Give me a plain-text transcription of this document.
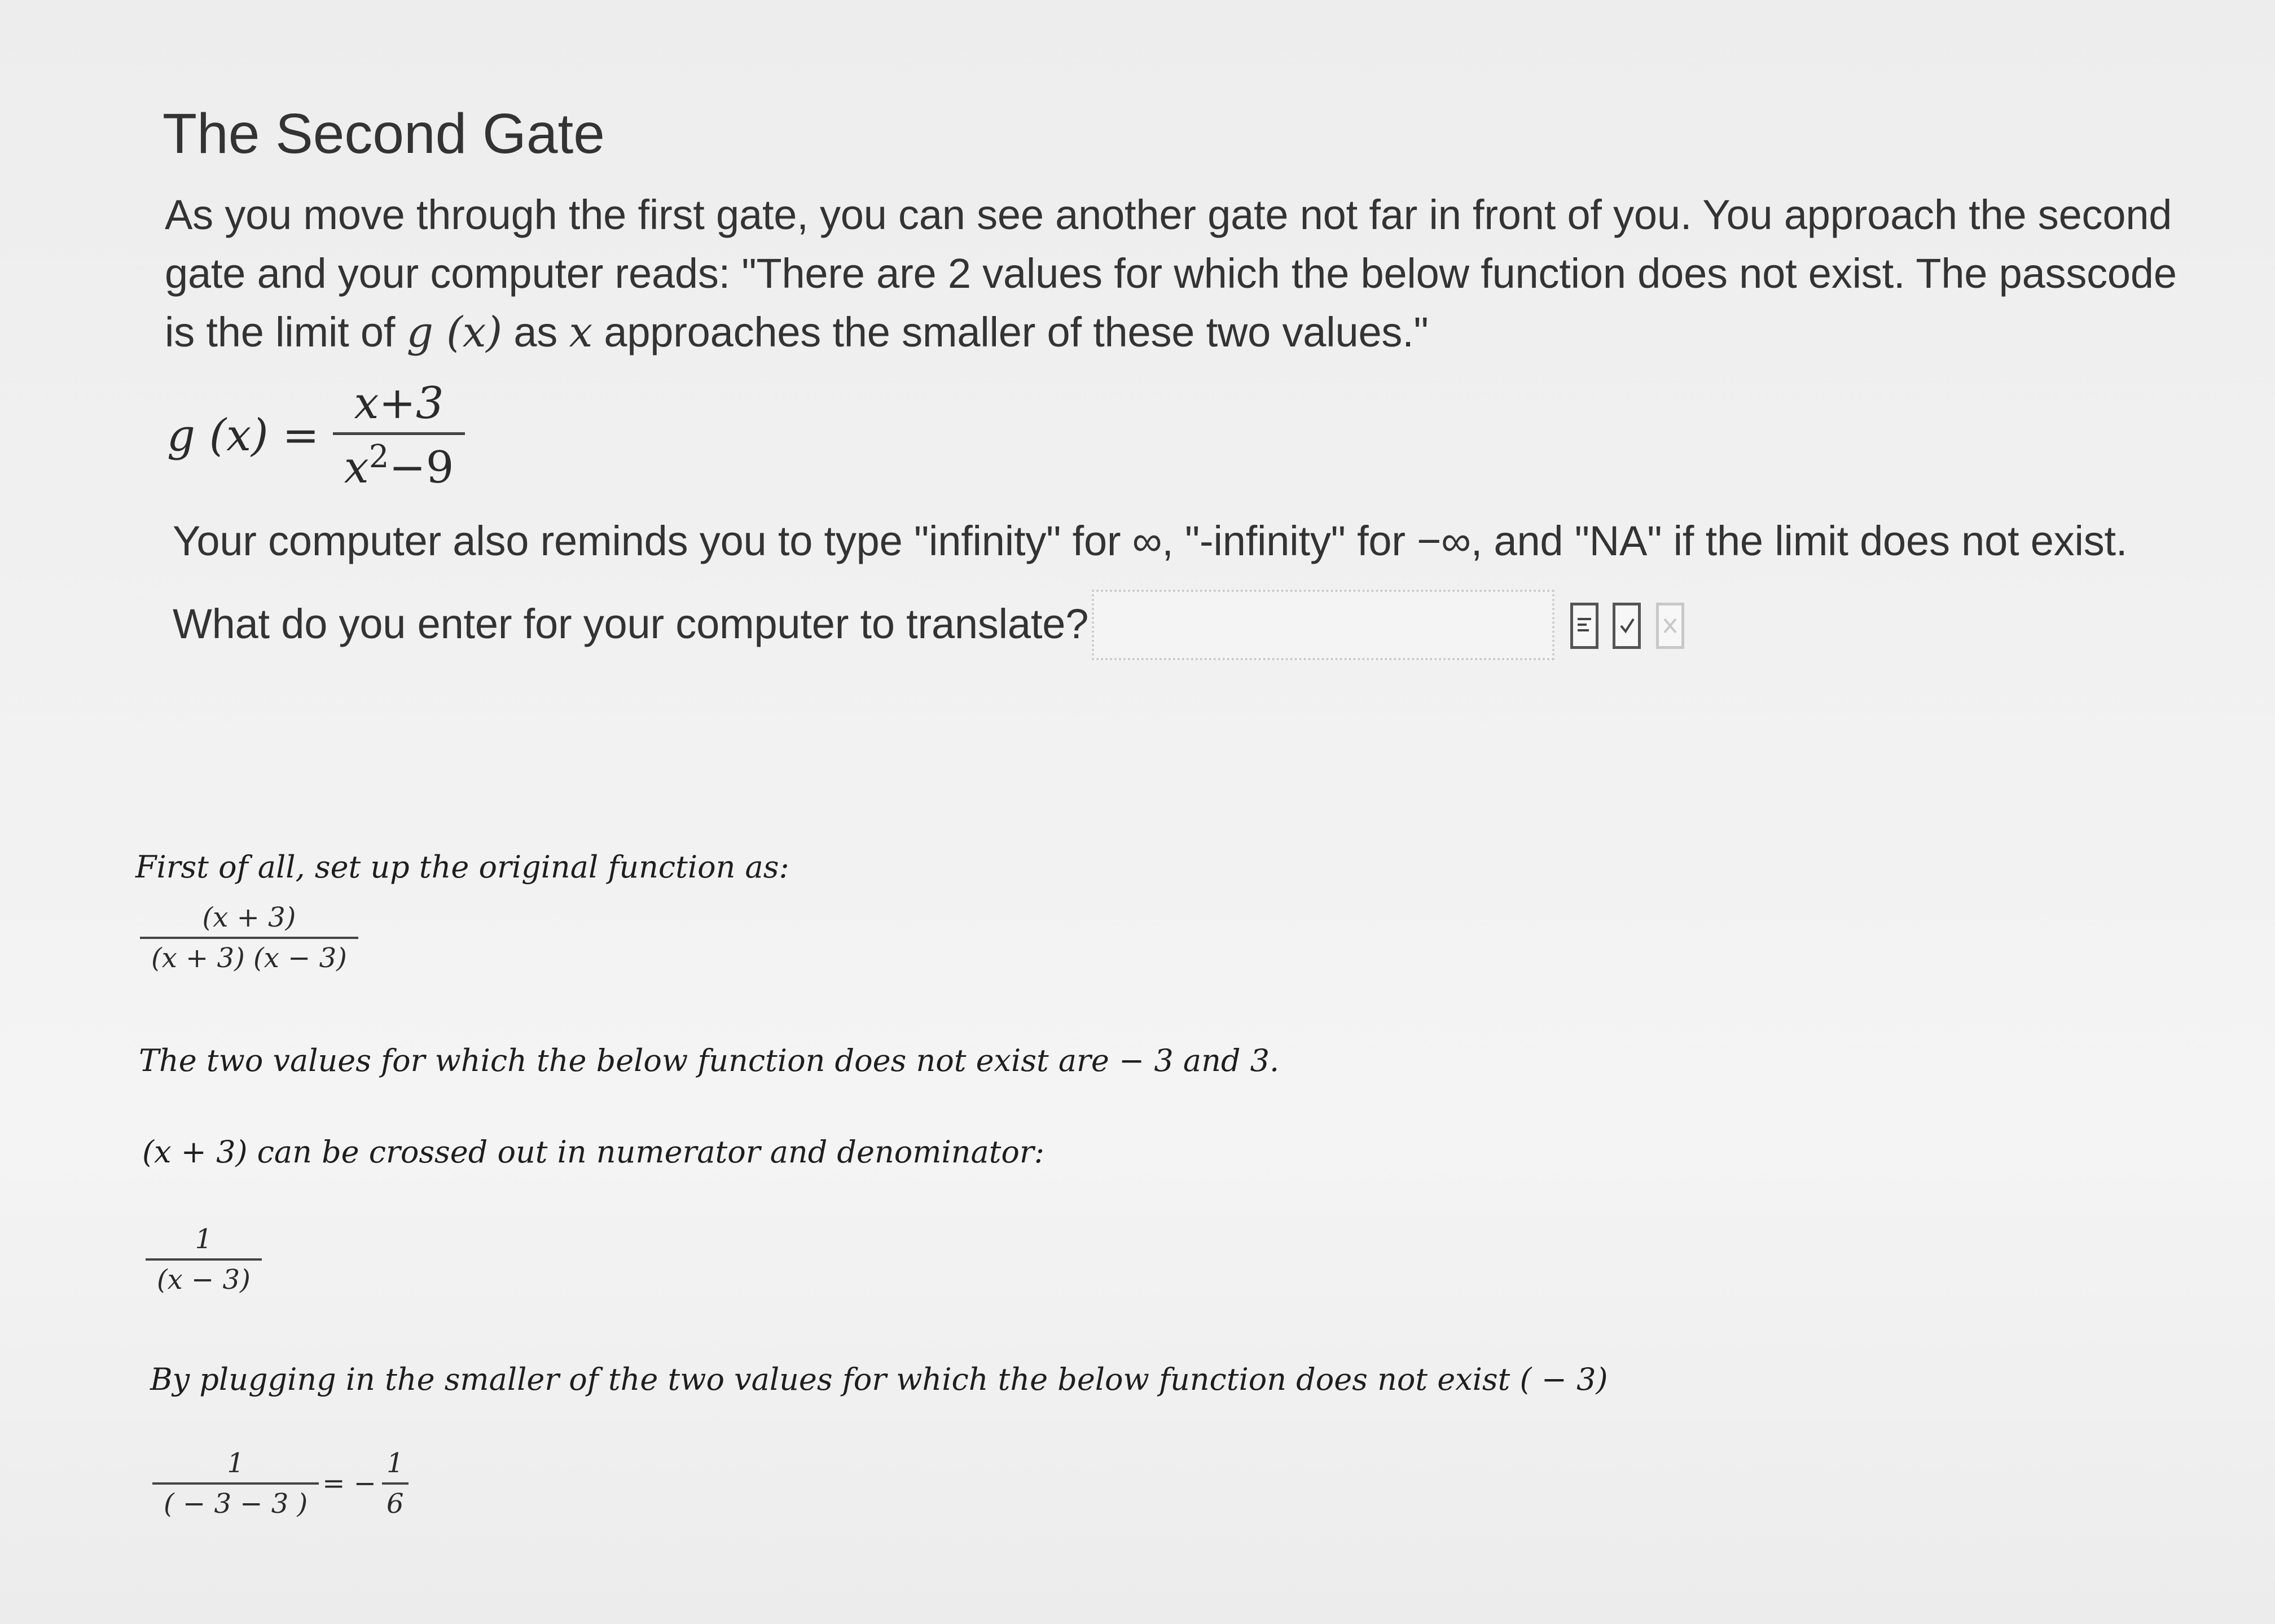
The Second Gate
As you move through the first gate, you can see another gate not far in front of you. You approach the second
gate and your computer reads: "There are 2 values for which the below function does not exist. The passcode
is the limit of g (x) as x approaches the smaller of these two values."
g $(x) = \frac{x+3}{x^2-9}$
Your computer also reminds you to type "infinity" for ∞, "-infinity" for −∞, and "NA" if the limit does not exist.
What do you enter for your computer to translate?
First of all, set up the original function as:
$\frac{(x + 3)}{(x + 3) (x - 3)}$
The two values for which the below function does not exist are − 3 and 3.
(x + 3) can be crossed out in numerator and denominator:
$\frac{1}{(x - 3)}$
By plugging in the smaller of the two values for which the below function does not exist ( − 3)
$\frac{1}{( - 3 - 3 )}$ = − $\frac{1}{6}$
